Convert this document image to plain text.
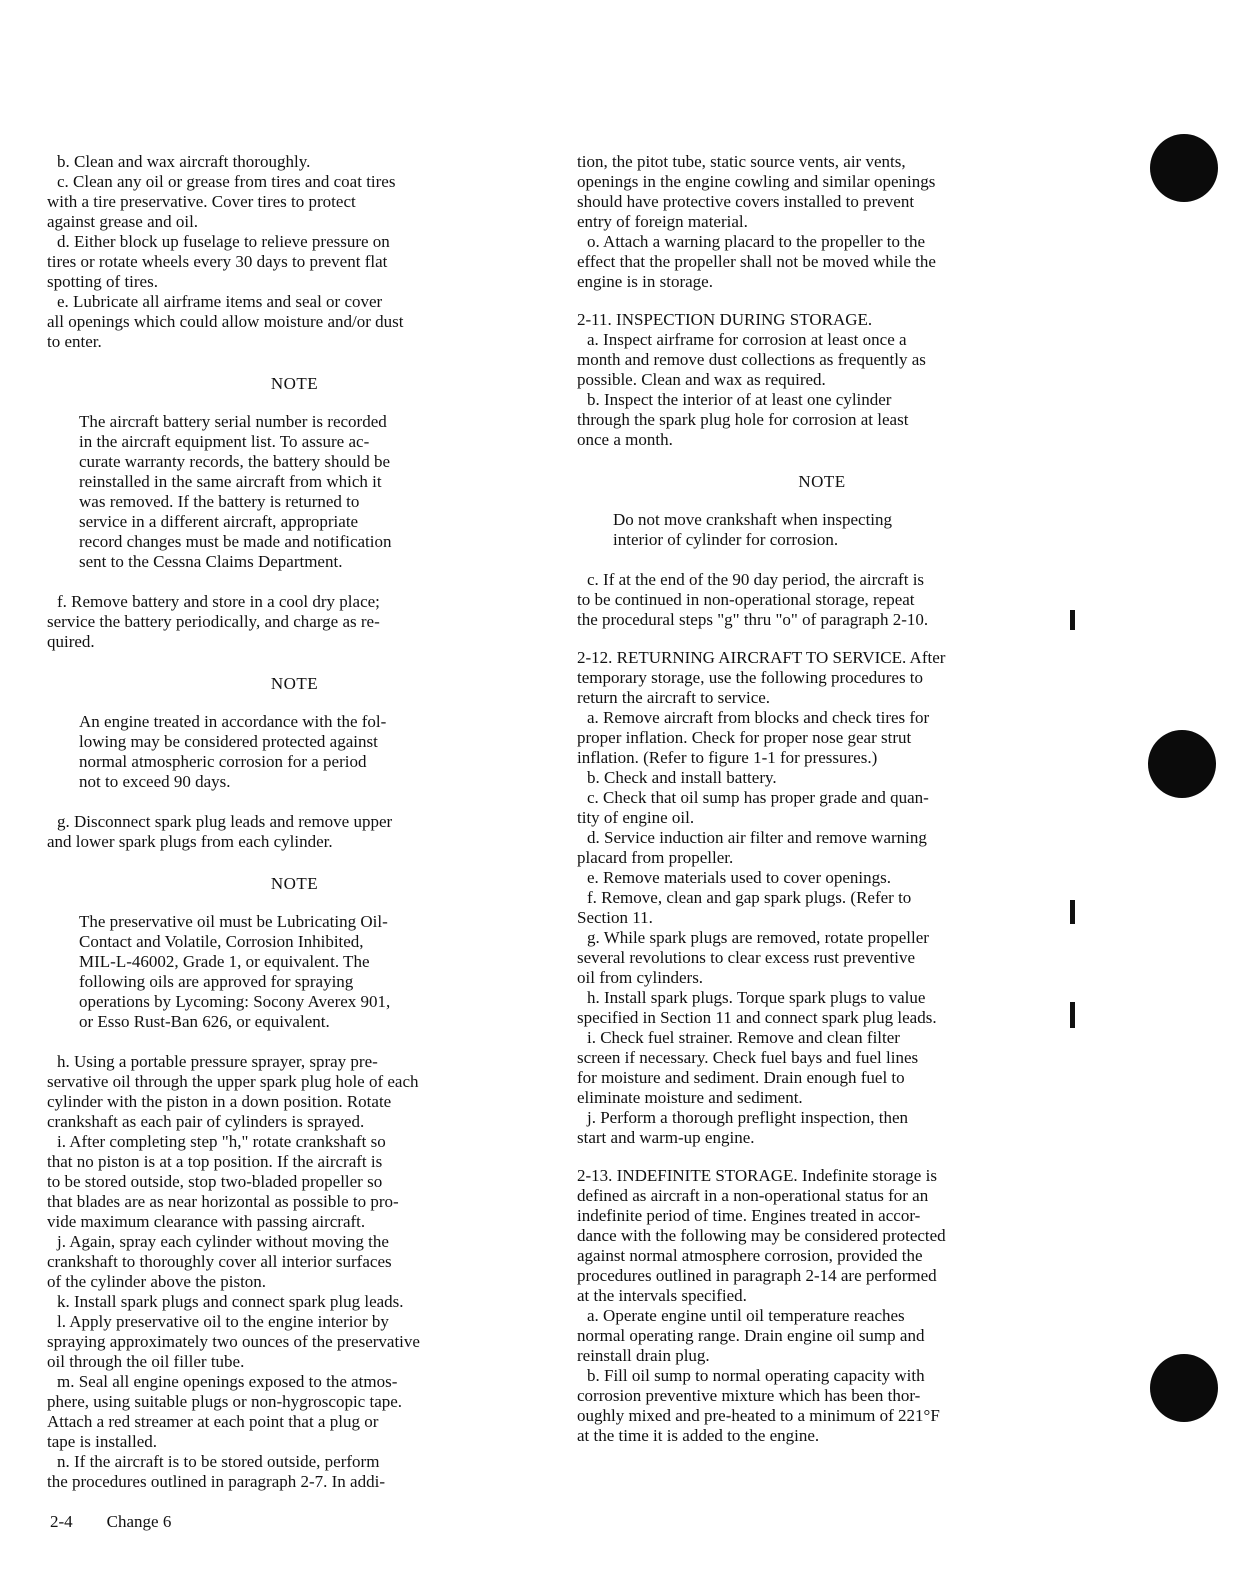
b. Clean and wax aircraft thoroughly.

c. Clean any oil or grease from tires and coat tires
with a tire preservative. Cover tires to protect
against grease and oil.

d. Either block up fuselage to relieve pressure on
tires or rotate wheels every 30 days to prevent flat
spotting of tires.

e. Lubricate all airframe items and seal or cover
all openings which could allow moisture and/or dust
to enter.

NOTE

The aircraft battery serial number is recorded
in the aircraft equipment list. To assure ac-
curate warranty records, the battery should be
reinstalled in the same aircraft from which it
was removed. If the battery is returned to
service in a different aircraft, appropriate
record changes must be made and notification
sent to the Cessna Claims Department.

f. Remove battery and store in a cool dry place;
service the battery periodically, and charge as re-
quired.

NOTE

An engine treated in accordance with the fol-
lowing may be considered protected against
normal atmospheric corrosion for a period
not to exceed 90 days.

g. Disconnect spark plug leads and remove upper
and lower spark plugs from each cylinder.

NOTE

The preservative oil must be Lubricating Oil-
Contact and Volatile, Corrosion Inhibited,
MIL-L-46002, Grade 1, or equivalent. The
following oils are approved for spraying
operations by Lycoming: Socony Averex 901,
or Esso Rust-Ban 626, or equivalent.

h. Using a portable pressure sprayer, spray pre-
servative oil through the upper spark plug hole of each
cylinder with the piston in a down position. Rotate
crankshaft as each pair of cylinders is sprayed.

i. After completing step "h," rotate crankshaft so
that no piston is at a top position. If the aircraft is
to be stored outside, stop two-bladed propeller so
that blades are as near horizontal as possible to pro-
vide maximum clearance with passing aircraft.

j. Again, spray each cylinder without moving the
crankshaft to thoroughly cover all interior surfaces
of the cylinder above the piston.

k. Install spark plugs and connect spark plug leads.

l. Apply preservative oil to the engine interior by
spraying approximately two ounces of the preservative
oil through the oil filler tube.

m. Seal all engine openings exposed to the atmos-
phere, using suitable plugs or non-hygroscopic tape.
Attach a red streamer at each point that a plug or
tape is installed.

n. If the aircraft is to be stored outside, perform
the procedures outlined in paragraph 2-7. In addi-

tion, the pitot tube, static source vents, air vents,
openings in the engine cowling and similar openings
should have protective covers installed to prevent
entry of foreign material.

o. Attach a warning placard to the propeller to the
effect that the propeller shall not be moved while the
engine is in storage.

2-11. INSPECTION DURING STORAGE.

a. Inspect airframe for corrosion at least once a
month and remove dust collections as frequently as
possible. Clean and wax as required.

b. Inspect the interior of at least one cylinder
through the spark plug hole for corrosion at least
once a month.

NOTE

Do not move crankshaft when inspecting
interior of cylinder for corrosion.

c. If at the end of the 90 day period, the aircraft is
to be continued in non-operational storage, repeat
the procedural steps "g" thru "o" of paragraph 2-10.

2-12. RETURNING AIRCRAFT TO SERVICE. After
temporary storage, use the following procedures to
return the aircraft to service.

a. Remove aircraft from blocks and check tires for
proper inflation. Check for proper nose gear strut
inflation. (Refer to figure 1-1 for pressures.)

b. Check and install battery.

c. Check that oil sump has proper grade and quan-
tity of engine oil.

d. Service induction air filter and remove warning
placard from propeller.

e. Remove materials used to cover openings.

f. Remove, clean and gap spark plugs. (Refer to
Section 11.

g. While spark plugs are removed, rotate propeller
several revolutions to clear excess rust preventive
oil from cylinders.

h. Install spark plugs. Torque spark plugs to value
specified in Section 11 and connect spark plug leads.

i. Check fuel strainer. Remove and clean filter
screen if necessary. Check fuel bays and fuel lines
for moisture and sediment. Drain enough fuel to
eliminate moisture and sediment.

j. Perform a thorough preflight inspection, then
start and warm-up engine.

2-13. INDEFINITE STORAGE. Indefinite storage is
defined as aircraft in a non-operational status for an
indefinite period of time. Engines treated in accor-
dance with the following may be considered protected
against normal atmosphere corrosion, provided the
procedures outlined in paragraph 2-14 are performed
at the intervals specified.

a. Operate engine until oil temperature reaches
normal operating range. Drain engine oil sump and
reinstall drain plug.

b. Fill oil sump to normal operating capacity with
corrosion preventive mixture which has been thor-
oughly mixed and pre-heated to a minimum of 221°F
at the time it is added to the engine.

2-4 Change 6
